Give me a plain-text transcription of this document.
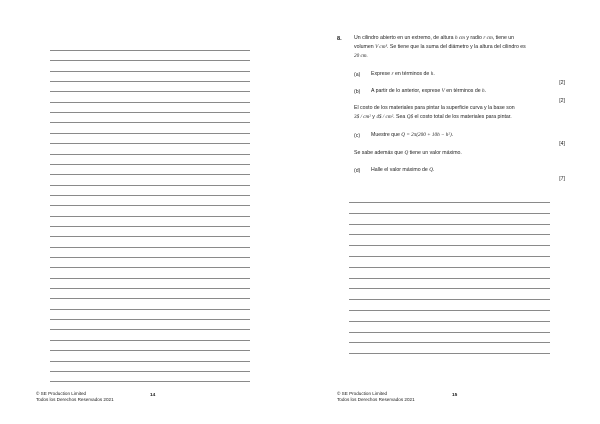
© SE Production Limited
Todos los Derechos Reservados 2021
14
8. Un cilindro abierto en un extremo, de altura h cm y radio r cm, tiene un
volumen V cm³. Se tiene que la suma del diámetro y la altura del cilindro es
20 cm.
(a) Exprese r en términos de h.
[2]
(b) A partir de lo anterior, exprese V en términos de h.
[2]
El costo de los materiales para pintar la superficie curva y la base son
3$ / cm² y 4$ / cm². Sea Q$ el costo total de los materiales para pintar.
(c) Muestre que Q = 2π(200 + 10h − h²).
[4]
Se sabe además que Q tiene un valor máximo.
(d) Halle el valor máximo de Q.
[7]
© SE Production Limited
Todos los Derechos Reservados 2021
15
